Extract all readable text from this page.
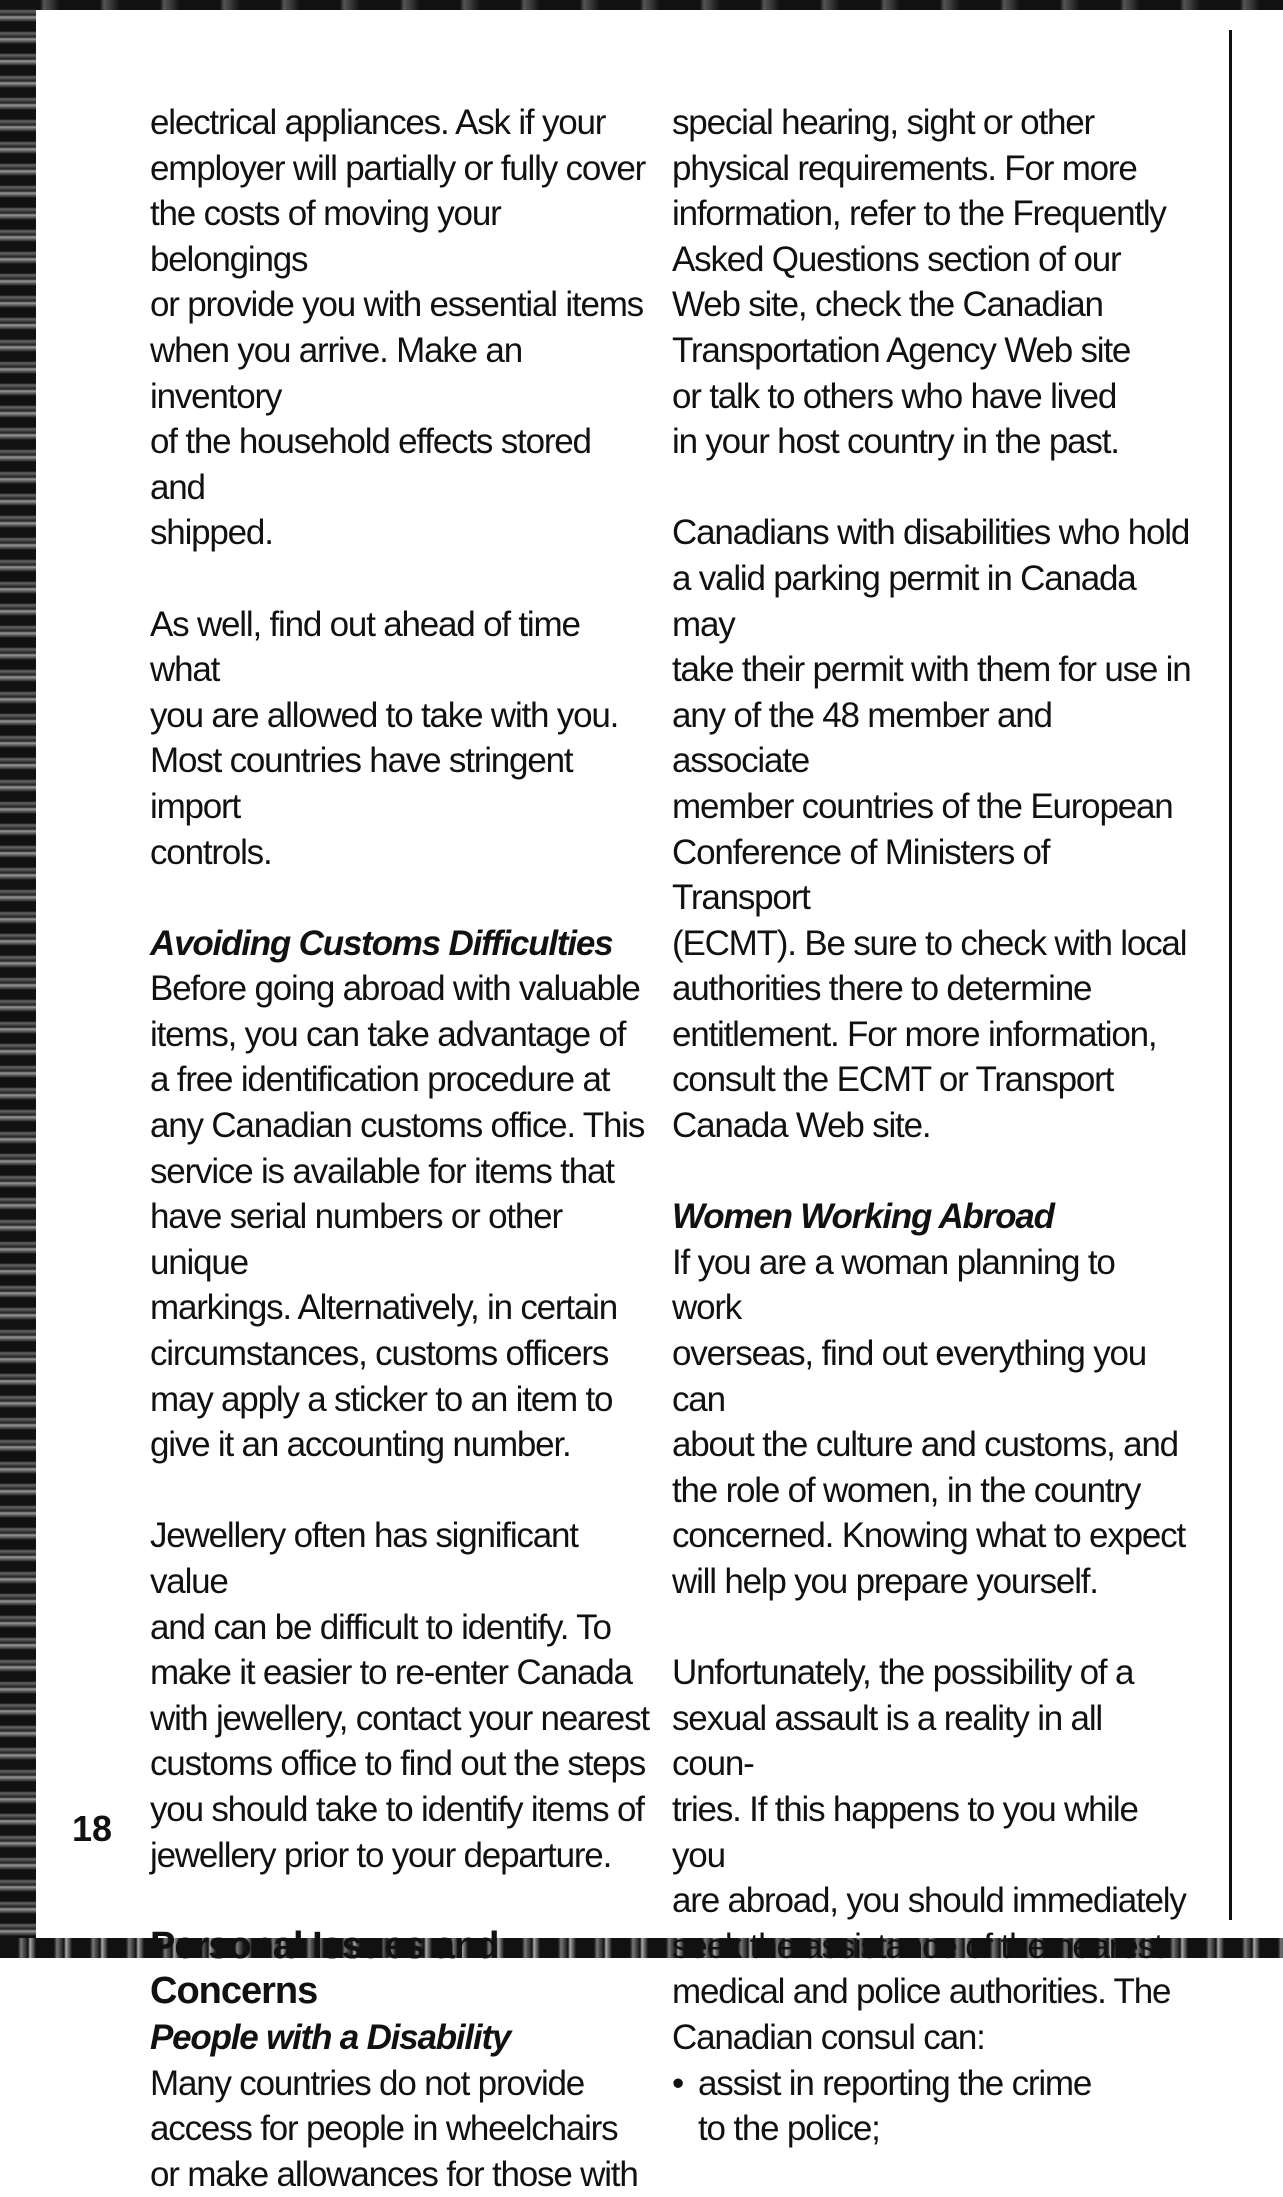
electrical appliances. Ask if your
employer will partially or fully cover
the costs of moving your belongings
or provide you with essential items
when you arrive. Make an inventory
of the household effects stored and
shipped.

As well, find out ahead of time what
you are allowed to take with you.
Most countries have stringent import
controls.

Avoiding Customs Difficulties

Before going abroad with valuable
items, you can take advantage of
a free identification procedure at
any Canadian customs office. This
service is available for items that
have serial numbers or other unique
markings. Alternatively, in certain
circumstances, customs officers
may apply a sticker to an item to
give it an accounting number.

Jewellery often has significant value
and can be difficult to identify. To
make it easier to re-enter Canada
with jewellery, contact your nearest
customs office to find out the steps
you should take to identify items of
jewellery prior to your departure.

Personal Issues and Concerns

People with a Disability

Many countries do not provide
access for people in wheelchairs
or make allowances for those with

special hearing, sight or other
physical requirements. For more
information, refer to the Frequently
Asked Questions section of our
Web site, check the Canadian
Transportation Agency Web site
or talk to others who have lived
in your host country in the past.

Canadians with disabilities who hold
a valid parking permit in Canada may
take their permit with them for use in
any of the 48 member and associate
member countries of the European
Conference of Ministers of Transport
(ECMT). Be sure to check with local
authorities there to determine
entitlement. For more information,
consult the ECMT or Transport
Canada Web site.

Women Working Abroad

If you are a woman planning to work
overseas, find out everything you can
about the culture and customs, and
the role of women, in the country
concerned. Knowing what to expect
will help you prepare yourself.

Unfortunately, the possibility of a
sexual assault is a reality in all coun-
tries. If this happens to you while you
are abroad, you should immediately
seek the assistance of the nearest
medical and police authorities. The
Canadian consul can:

• assist in reporting the crime
to the police;
18
